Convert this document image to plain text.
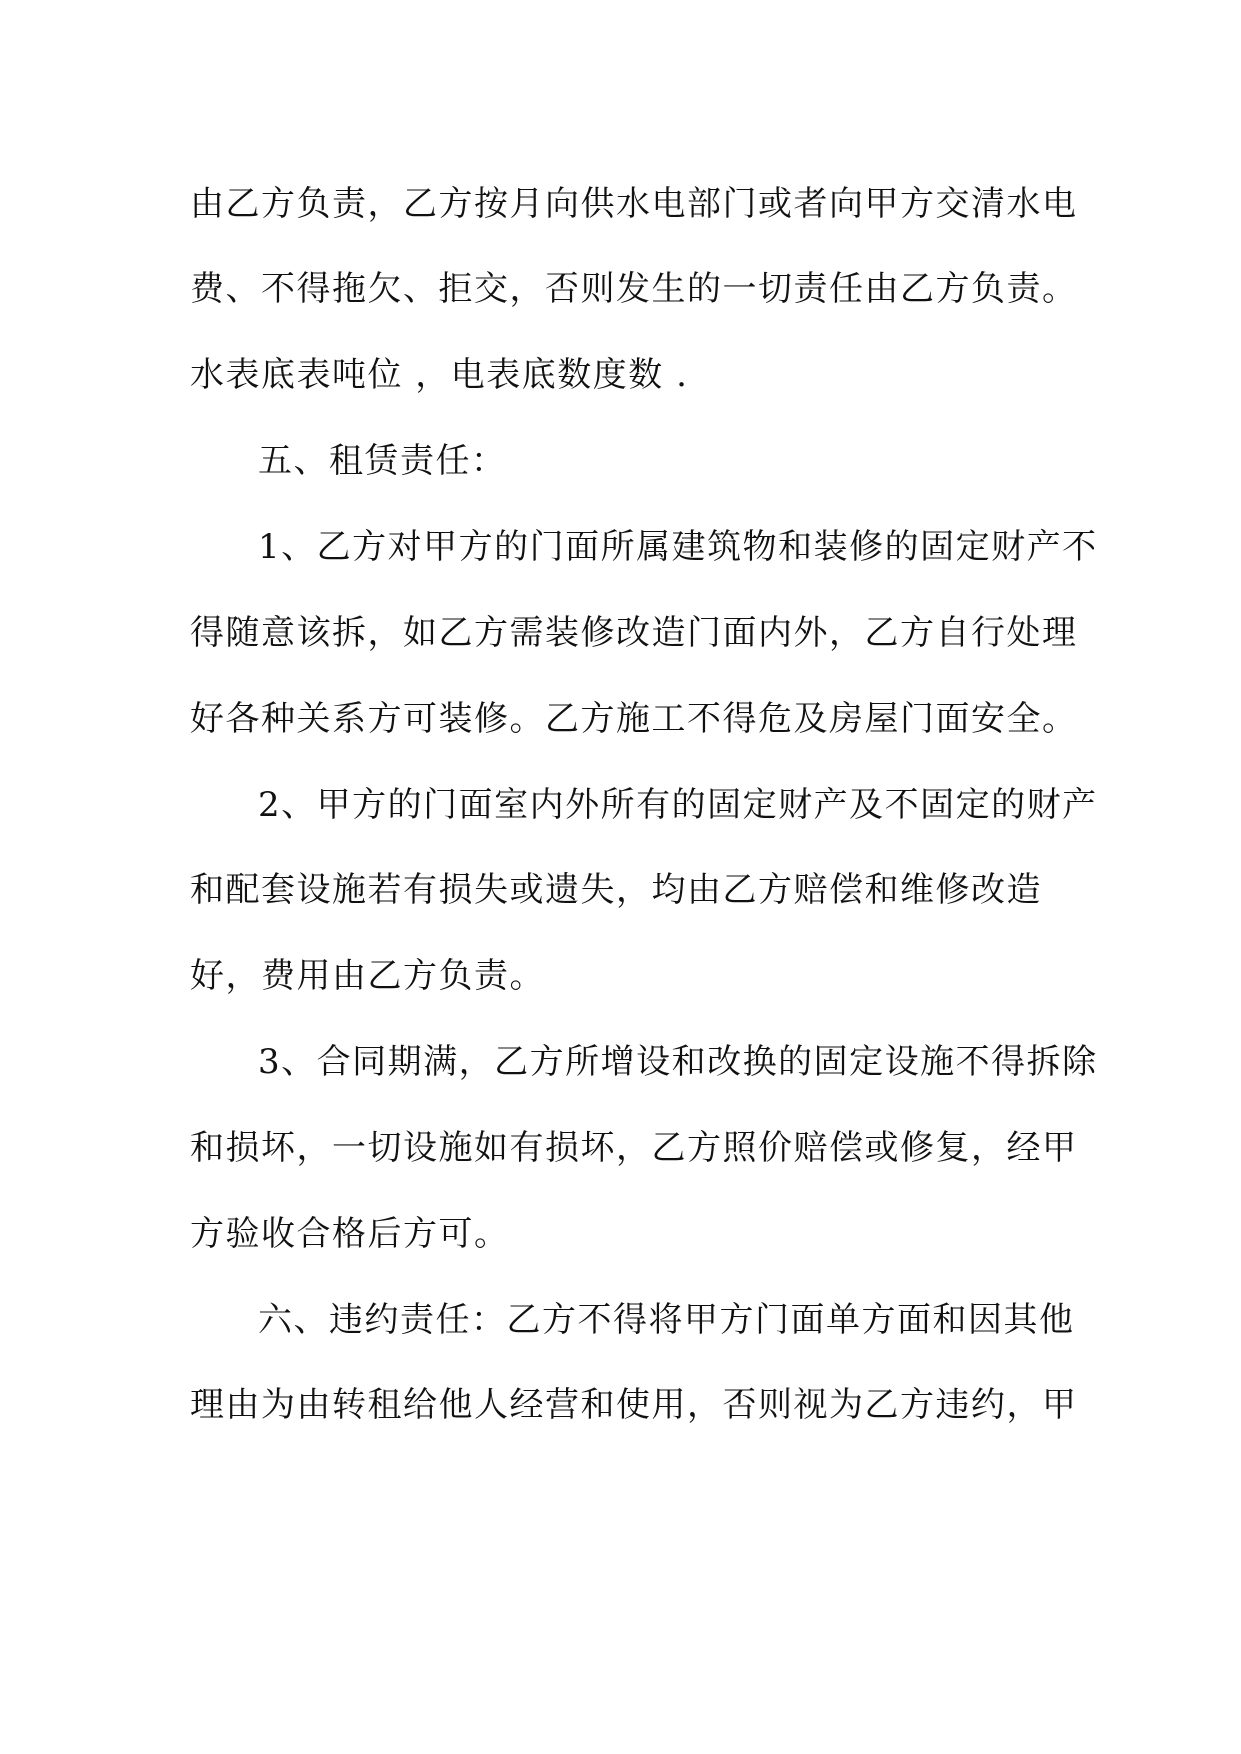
由乙方负责，乙方按月向供水电部门或者向甲方交清水电
费、不得拖欠、拒交，否则发生的一切责任由乙方负责。
水表底表吨位 ，电表底数度数 .
五、租赁责任：
1、乙方对甲方的门面所属建筑物和装修的固定财产不
得随意该拆，如乙方需装修改造门面内外，乙方自行处理
好各种关系方可装修。乙方施工不得危及房屋门面安全。
2、甲方的门面室内外所有的固定财产及不固定的财产
和配套设施若有损失或遗失，均由乙方赔偿和维修改造
好，费用由乙方负责。
3、合同期满，乙方所增设和改换的固定设施不得拆除
和损坏，一切设施如有损坏，乙方照价赔偿或修复，经甲
方验收合格后方可。
六、违约责任：乙方不得将甲方门面单方面和因其他
理由为由转租给他人经营和使用，否则视为乙方违约，甲
